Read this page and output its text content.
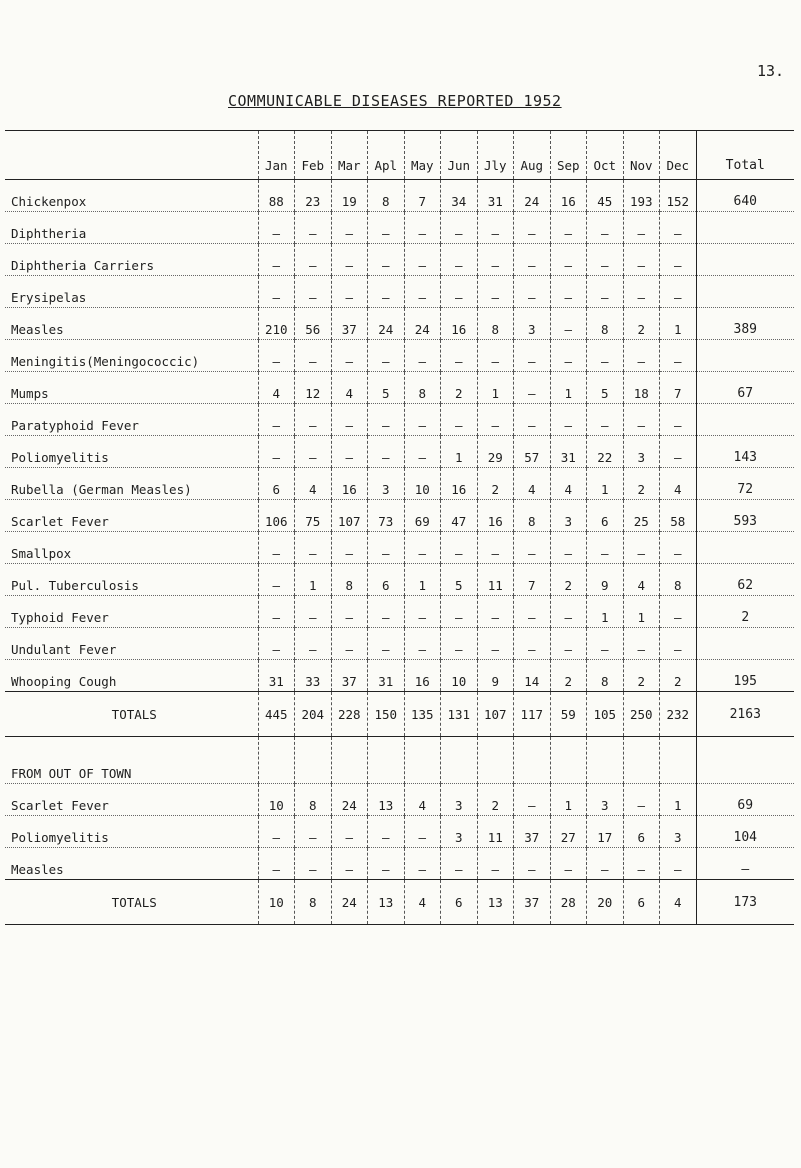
13.
COMMUNICABLE DISEASES REPORTED 1952
	Jan	Feb	Mar	Apl	May	Jun	Jly	Aug	Sep	Oct	Nov	Dec	Total
Chickenpox	88	23	19	8	7	34	31	24	16	45	193	152	640
Diphtheria	–	–	–	–	–	–	–	–	–	–	–	–	
Diphtheria Carriers	–	–	–	–	–	–	–	–	–	–	–	–	
Erysipelas	–	–	–	–	–	–	–	–	–	–	–	–	
Measles	210	56	37	24	24	16	8	3	–	8	2	1	389
Meningitis(Meningococcic)	–	–	–	–	–	–	–	–	–	–	–	–	
Mumps	4	12	4	5	8	2	1	–	1	5	18	7	67
Paratyphoid Fever	–	–	–	–	–	–	–	–	–	–	–	–	
Poliomyelitis	–	–	–	–	–	1	29	57	31	22	3	–	143
Rubella (German Measles)	6	4	16	3	10	16	2	4	4	1	2	4	72
Scarlet Fever	106	75	107	73	69	47	16	8	3	6	25	58	593
Smallpox	–	–	–	–	–	–	–	–	–	–	–	–	
Pul. Tuberculosis	–	1	8	6	1	5	11	7	2	9	4	8	62
Typhoid Fever	–	–	–	–	–	–	–	–	–	1	1	–	2
Undulant Fever	–	–	–	–	–	–	–	–	–	–	–	–	
Whooping Cough	31	33	37	31	16	10	9	14	2	8	2	2	195
TOTALS	445	204	228	150	135	131	107	117	59	105	250	232	2163
FROM OUT OF TOWN													
Scarlet Fever	10	8	24	13	4	3	2	–	1	3	–	1	69
Poliomyelitis	–	–	–	–	–	3	11	37	27	17	6	3	104
Measles	–	–	–	–	–	–	–	–	–	–	–	–	–
TOTALS	10	8	24	13	4	6	13	37	28	20	6	4	173
